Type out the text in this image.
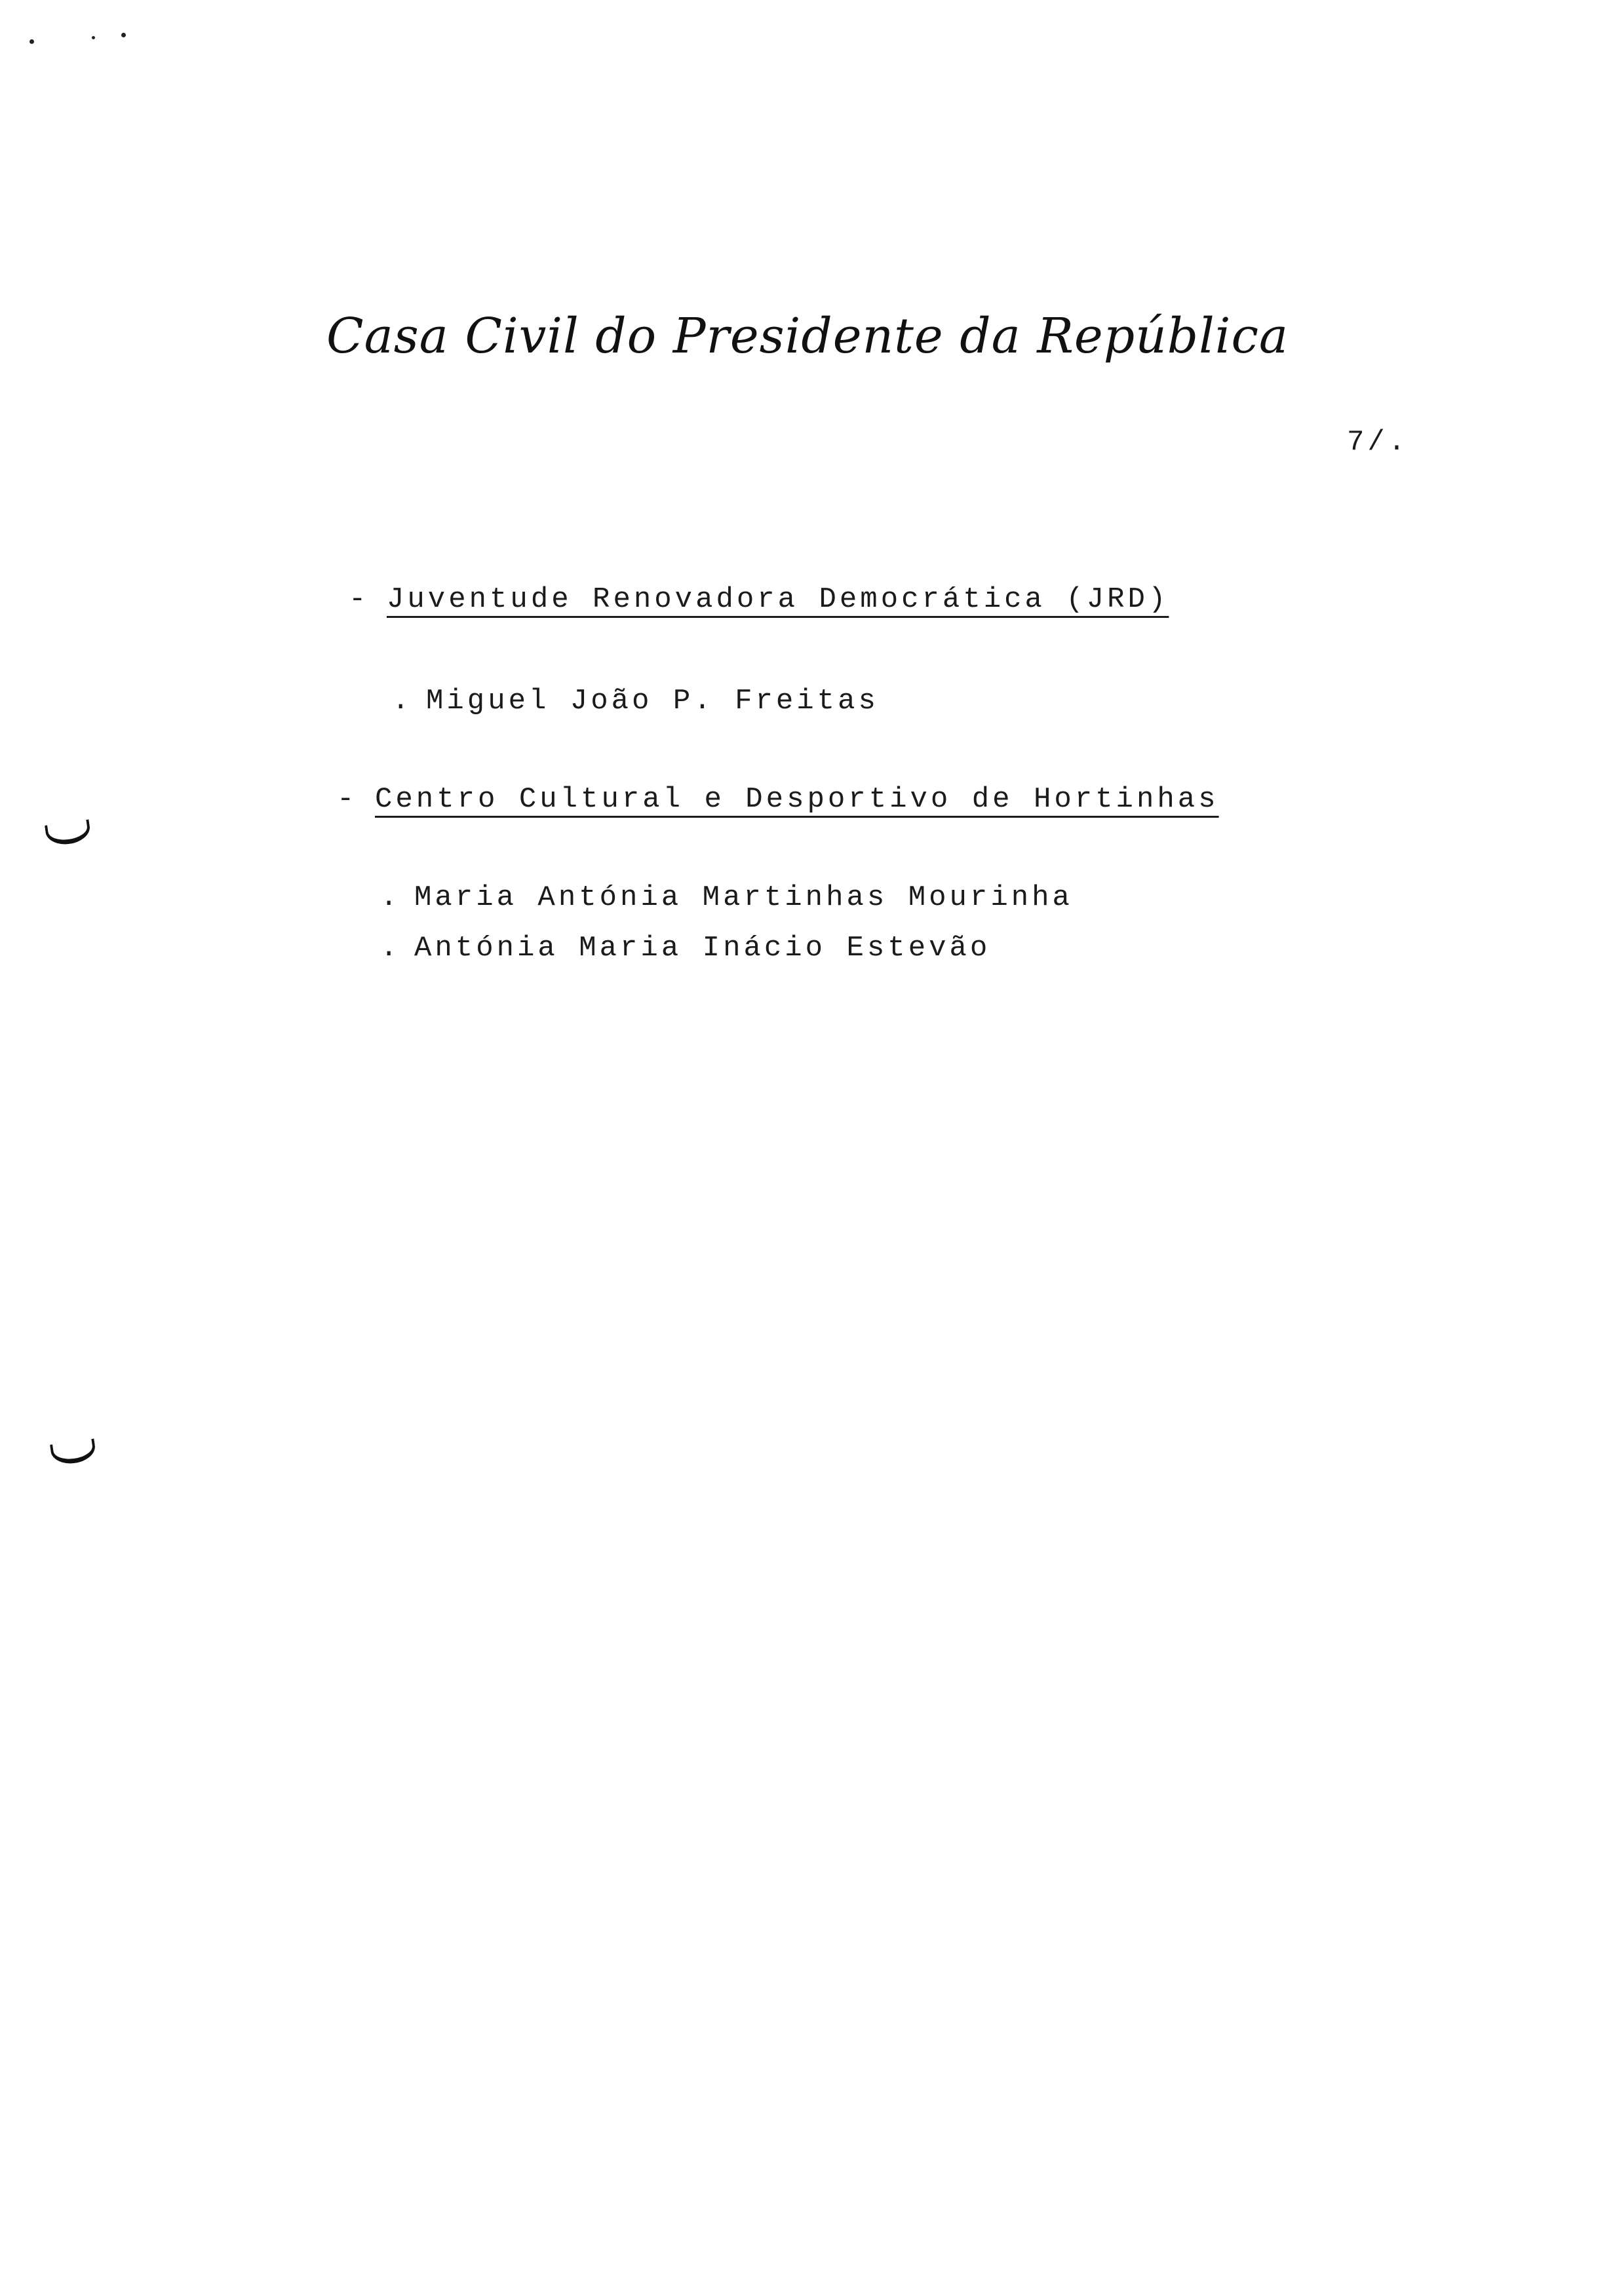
Casa Civil do Presidente da República
7/.
- Juventude Renovadora Democrática (JRD)
. Miguel João P. Freitas
- Centro Cultural e Desportivo de Hortinhas
. Maria Antónia Martinhas Mourinha
. Antónia Maria Inácio Estevão
